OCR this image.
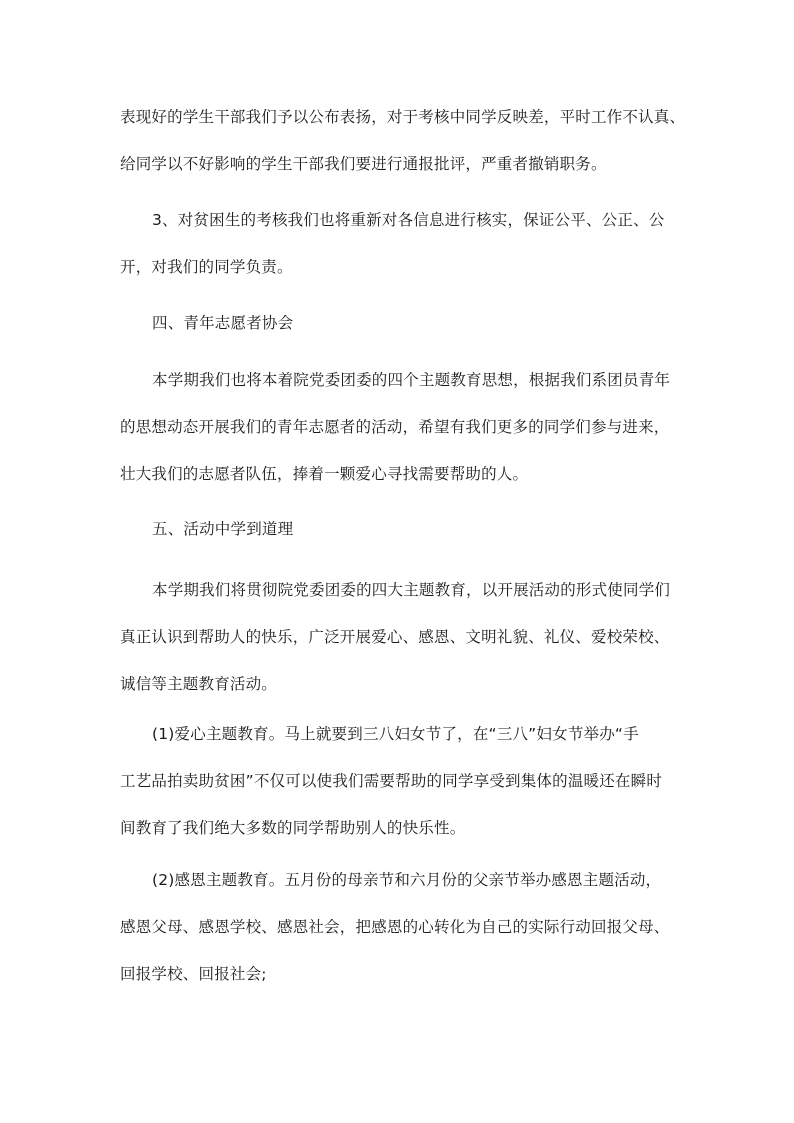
表现好的学生干部我们予以公布表扬，对于考核中同学反映差，平时工作不认真、
给同学以不好影响的学生干部我们要进行通报批评，严重者撤销职务。

3、对贫困生的考核我们也将重新对各信息进行核实，保证公平、公正、公
开，对我们的同学负责。

四、青年志愿者协会

本学期我们也将本着院党委团委的四个主题教育思想，根据我们系团员青年
的思想动态开展我们的青年志愿者的活动，希望有我们更多的同学们参与进来，
壮大我们的志愿者队伍，捧着一颗爱心寻找需要帮助的人。

五、活动中学到道理

本学期我们将贯彻院党委团委的四大主题教育，以开展活动的形式使同学们
真正认识到帮助人的快乐，广泛开展爱心、感恩、文明礼貌、礼仪、爱校荣校、
诚信等主题教育活动。

(1)爱心主题教育。马上就要到三八妇女节了，在“三八”妇女节举办“手
工艺品拍卖助贫困”不仅可以使我们需要帮助的同学享受到集体的温暖还在瞬时
间教育了我们绝大多数的同学帮助别人的快乐性。

(2)感恩主题教育。五月份的母亲节和六月份的父亲节举办感恩主题活动，
感恩父母、感恩学校、感恩社会，把感恩的心转化为自己的实际行动回报父母、
回报学校、回报社会;
